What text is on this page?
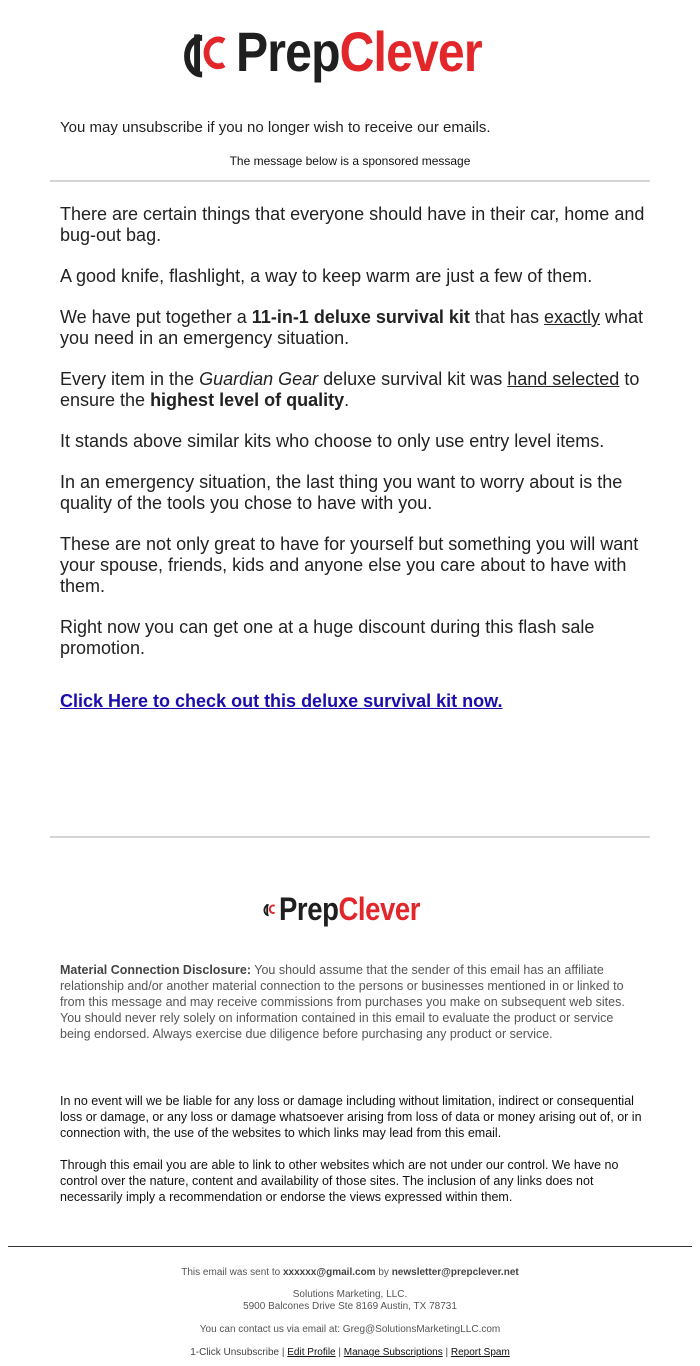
PrepClever
You may unsubscribe if you no longer wish to receive our emails.
The message below is a sponsored message

There are certain things that everyone should have in their car, home and bug-out bag.

A good knife, flashlight, a way to keep warm are just a few of them.

We have put together a 11-in-1 deluxe survival kit that has exactly what you need in an emergency situation.

Every item in the Guardian Gear deluxe survival kit was hand selected to ensure the highest level of quality.

It stands above similar kits who choose to only use entry level items.

In an emergency situation, the last thing you want to worry about is the quality of the tools you chose to have with you.

These are not only great to have for yourself but something you will want your spouse, friends, kids and anyone else you care about to have with them.

Right now you can get one at a huge discount during this flash sale promotion.

Click Here to check out this deluxe survival kit now.
PrepClever
Material Connection Disclosure: You should assume that the sender of this email has an affiliate relationship and/or another material connection to the persons or businesses mentioned in or linked to from this message and may receive commissions from purchases you make on subsequent web sites. You should never rely solely on information contained in this email to evaluate the product or service being endorsed. Always exercise due diligence before purchasing any product or service.

In no event will we be liable for any loss or damage including without limitation, indirect or consequential loss or damage, or any loss or damage whatsoever arising from loss of data or money arising out of, or in connection with, the use of the websites to which links may lead from this email.

Through this email you are able to link to other websites which are not under our control. We have no control over the nature, content and availability of those sites. The inclusion of any links does not necessarily imply a recommendation or endorse the views expressed within them.

This email was sent to xxxxxx@gmail.com by newsletter@prepclever.net
Solutions Marketing, LLC.
5900 Balcones Drive Ste 8169 Austin, TX 78731
You can contact us via email at: Greg@SolutionsMarketingLLC.com
1-Click Unsubscribe | Edit Profile | Manage Subscriptions | Report Spam
